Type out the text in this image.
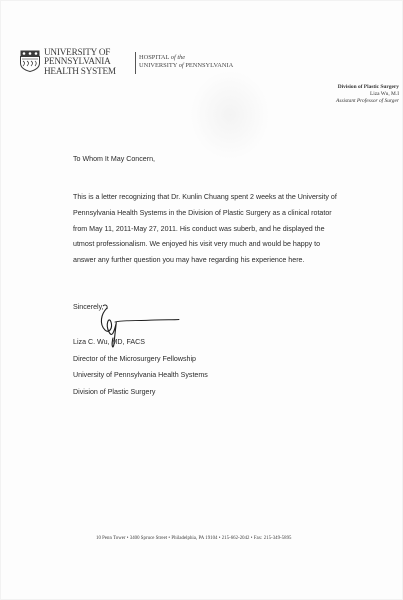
UNIVERSITY OF
PENNSYLVANIA
HEALTH SYSTEM
HOSPITAL of the
UNIVERSITY of PENNSYLVANIA
Division of Plastic Surgery
Liza Wu, M.I
Assistant Professor of Surger

To Whom It May Concern,

This is a letter recognizing that Dr. Kunlin Chuang spent 2 weeks at the University of
Pennsylvania Health Systems in the Division of Plastic Surgery as a clinical rotator
from May 11, 2011-May 27, 2011. His conduct was suberb, and he displayed the
utmost professionalism. We enjoyed his visit very much and would be happy to
answer any further question you may have regarding his experience here.

Sincerely,

Liza C. Wu, MD, FACS
Director of the Microsurgery Fellowship
University of Pennsylvania Health Systems
Division of Plastic Surgery
10 Penn Tower • 3400 Spruce Street • Philadelphia, PA 19104 • 215-662-2042 • Fax: 215-349-5895
